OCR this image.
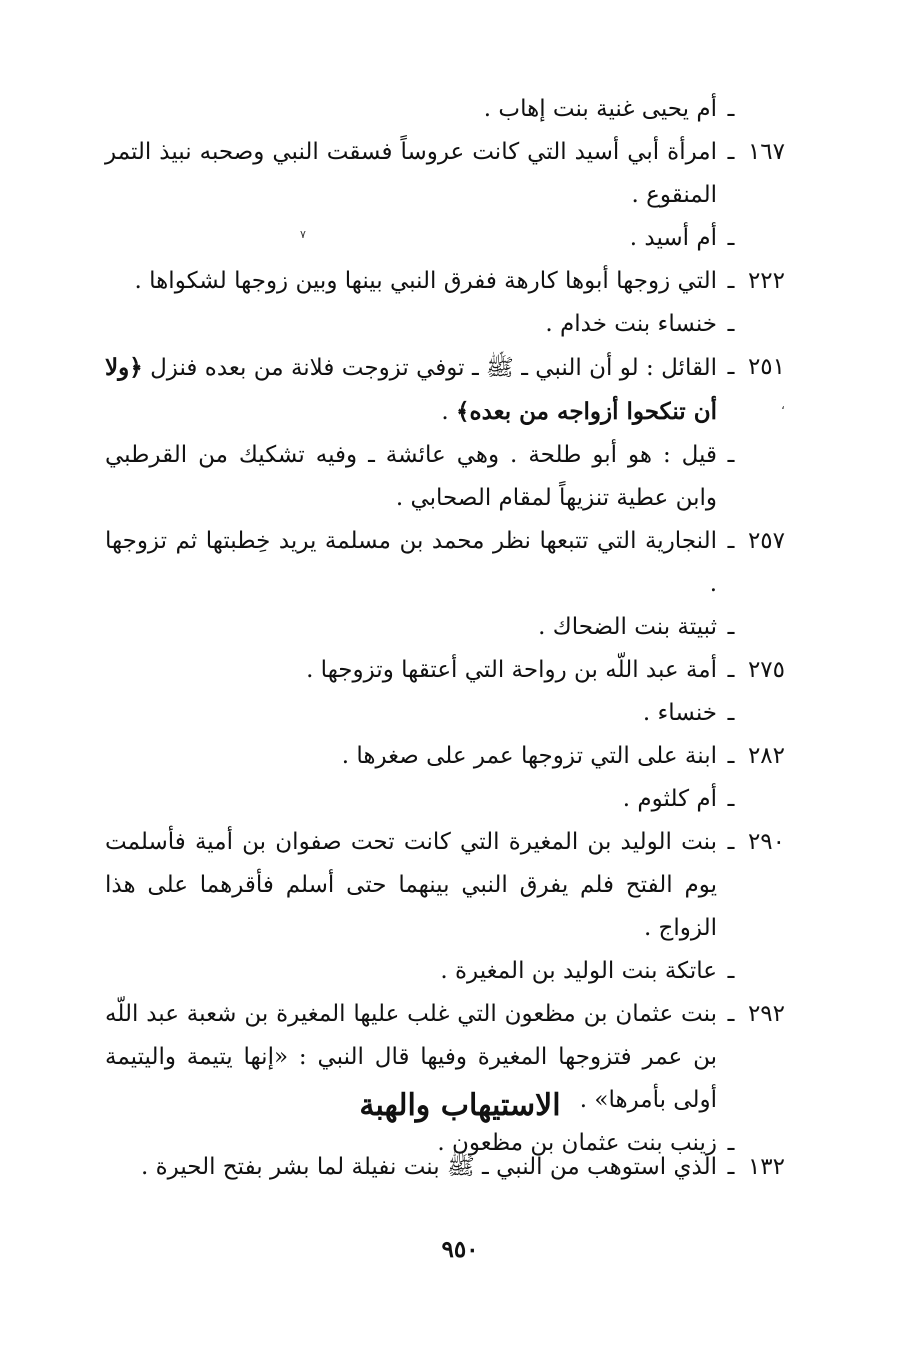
ـ
أم يحيى غنية بنت إهاب .
١٦٧
ـ
امرأة أبي أسيد التي كانت عروساً فسقت النبي وصحبه نبيذ التمر المنقوع .
ـ
أم أسيد .
٢٢٢
ـ
التي زوجها أبوها كارهة ففرق النبي بينها وبين زوجها لشكواها .
ـ
خنساء بنت خدام .
٢٥١
ـ
القائل : لو أن النبي ـ ﷺ ـ توفي تزوجت فلانة من بعده فنزل ﴿ولا أن تنكحوا أزواجه من بعده﴾ .
ـ
قيل : هو أبو طلحة . وهي عائشة ـ وفيه تشكيك من القرطبي وابن عطية تنزيهاً لمقام الصحابي .
٢٥٧
ـ
النجارية التي تتبعها نظر محمد بن مسلمة يريد خِطبتها ثم تزوجها .
ـ
ثبيتة بنت الضحاك .
٢٧٥
ـ
أمة عبد اللّه بن رواحة التي أعتقها وتزوجها .
ـ
خنساء .
٢٨٢
ـ
ابنة على التي تزوجها عمر على صغرها .
ـ
أم كلثوم .
٢٩٠
ـ
بنت الوليد بن المغيرة التي كانت تحت صفوان بن أمية فأسلمت يوم الفتح فلم يفرق النبي بينهما حتى أسلم فأقرهما على هذا الزواج .
ـ
عاتكة بنت الوليد بن المغيرة .
٢٩٢
ـ
بنت عثمان بن مظعون التي غلب عليها المغيرة بن شعبة عبد اللّه بن عمر فتزوجها المغيرة وفيها قال النبي : «إنها يتيمة واليتيمة أولى بأمرها» .
ـ
زينب بنت عثمان بن مظعون .
الاستيهاب والهبة
١٣٢
ـ
الذي استوهب من النبي ـ ﷺ بنت نفيلة لما بشر بفتح الحيرة .
٩٥٠
٧
،
